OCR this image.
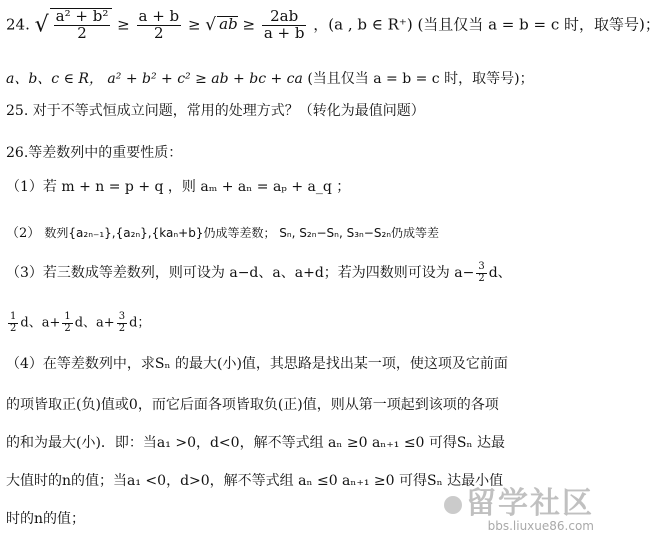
24. √ $\frac{\text{a² + b²}}{2} \ge \frac{a + b}{2}$ ≥ √ ab ≥ $\frac{2ab}{a + b}$ ，(a , b ∈ R⁺) (当且仅当 a = b = c 时，取等号)；
a、b、c ∈ R， a² + b² + c² ≥ ab + bc + ca (当且仅当 a = b = c 时，取等号)；
25. 对于不等式恒成立问题，常用的处理方式？（转化为最值问题）
26.等差数列中的重要性质：
（1）若 m + n = p + q ，则 aₘ + aₙ = aₚ + a_q ；
（2） 数列{a₂ₙ₋₁},{a₂ₙ},{kaₙ+b}仍成等差数； Sₙ, S₂ₙ−Sₙ, S₃ₙ−S₂ₙ仍成等差
（3）若三数成等差数列，则可设为 a−d、a、a+d；若为四数则可设为 $a- \frac{3}{2}$ d、
$\frac{1}{2}$ d、$a+ \frac{1}{2}$ d、$a+ \frac{3}{2}$ d；
（4）在等差数列中，求Sₙ 的最大(小)值，其思路是找出某一项，使这项及它前面
的项皆取正(负)值或0，而它后面各项皆取负(正)值，则从第一项起到该项的各项
的和为最大(小)．即：当a₁ >0，d<0，解不等式组 aₙ ≥0 aₙ₊₁ ≤0 可得Sₙ 达最
大值时的n的值；当a₁ <0，d>0，解不等式组 aₙ ≤0 aₙ₊₁ ≥0 可得Sₙ 达最小值
时的n的值；	留学社区
bbs.liuxue86.com
